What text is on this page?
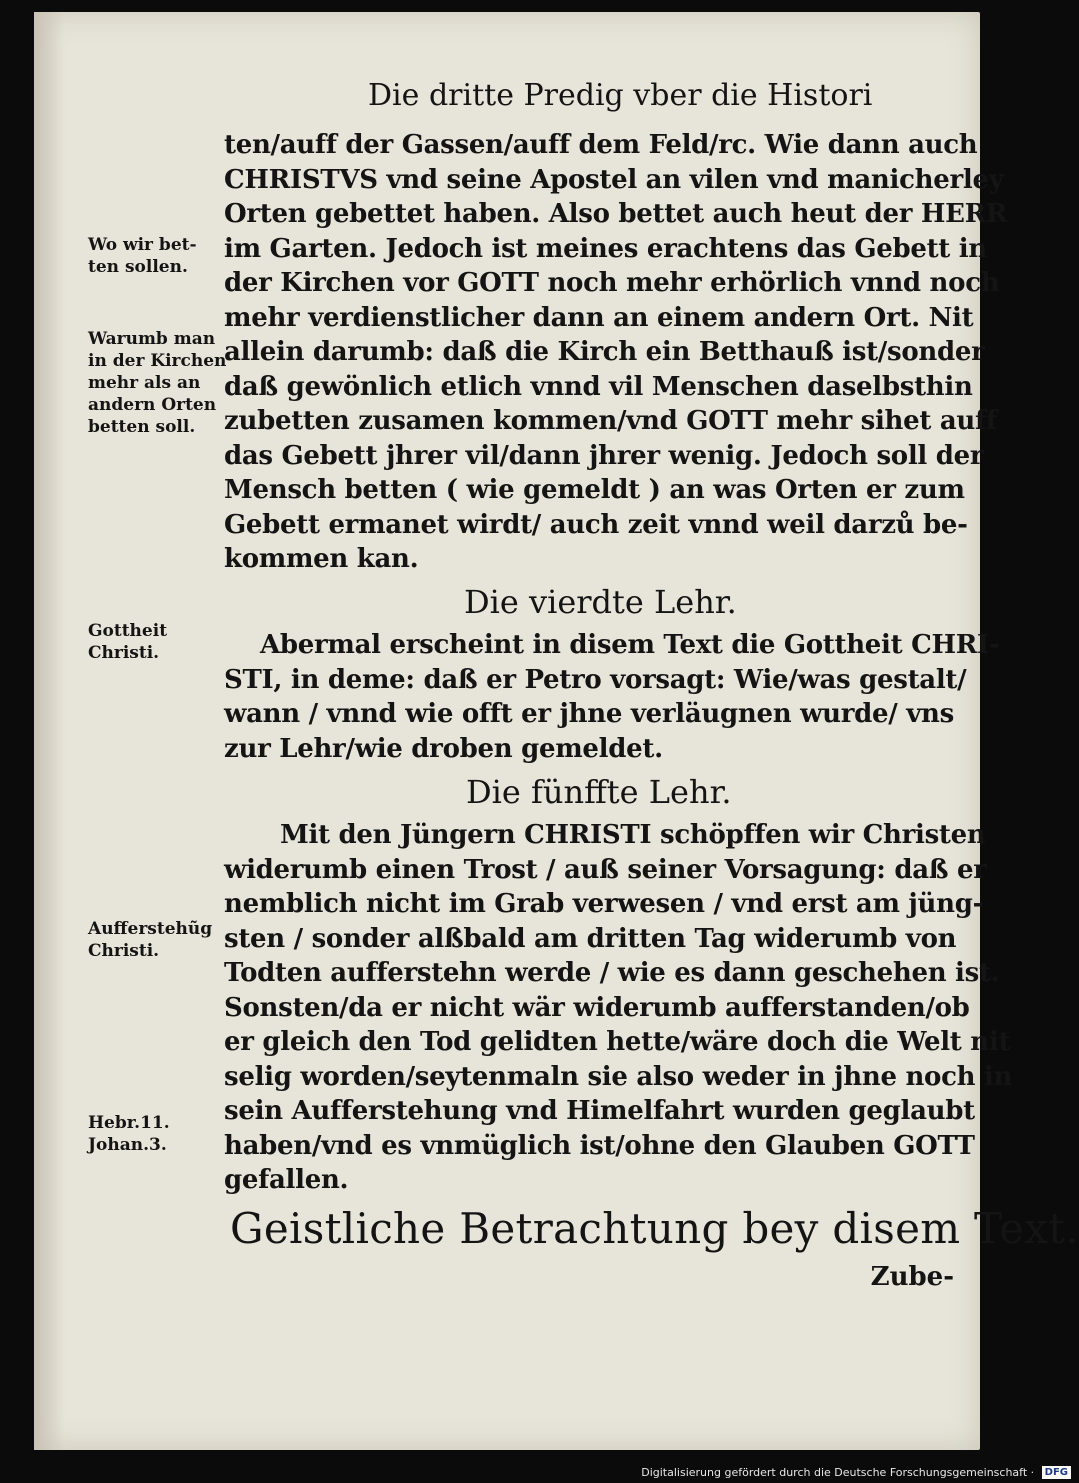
Die dritte Predig vber die Histori
ten/auff der Gassen/auff dem Feld/rc. Wie dann auch
CHRISTVS vnd seine Apostel an vilen vnd manicherley
Orten gebettet haben. Also bettet auch heut der HERR
im Garten. Jedoch ist meines erachtens das Gebett in
der Kirchen vor GOTT noch mehr erhörlich vnnd noch
mehr verdienstlicher dann an einem andern Ort. Nit
allein darumb: daß die Kirch ein Betthauß ist/sonder
daß gewönlich etlich vnnd vil Menschen daselbsthin
zubetten zusamen kommen/vnd GOTT mehr sihet auff
das Gebett jhrer vil/dann jhrer wenig. Jedoch soll der
Mensch betten ( wie gemeldt ) an was Orten er zum
Gebett ermanet wirdt/ auch zeit vnnd weil darzů be-
kommen kan.
Die vierdte Lehr.
Abermal erscheint in disem Text die Gottheit CHRI-
STI, in deme: daß er Petro vorsagt: Wie/was gestalt/
wann / vnnd wie offt er jhne verläugnen wurde/ vns
zur Lehr/wie droben gemeldet.
Die fünffte Lehr.
Mit den Jüngern CHRISTI schöpffen wir Christen
widerumb einen Trost / auß seiner Vorsagung: daß er
nemblich nicht im Grab verwesen / vnd erst am jüng-
sten / sonder alßbald am dritten Tag widerumb von
Todten aufferstehn werde / wie es dann geschehen ist.
Sonsten/da er nicht wär widerumb aufferstanden/ob
er gleich den Tod gelidten hette/wäre doch die Welt nit
selig worden/seytenmaln sie also weder in jhne noch in
sein Aufferstehung vnd Himelfahrt wurden geglaubt
haben/vnd es vnmüglich ist/ohne den Glauben GOTT
gefallen.
Geistliche Betrachtung bey disem Text.
Zube-
Wo wir bet-
ten sollen.
Warumb man
in der Kirchen
mehr als an
andern Orten
betten soll.
Gottheit
Christi.
Aufferstehũg
Christi.
Hebr.11.
Johan.3.
Digitalisierung gefördert durch die Deutsche Forschungsgemeinschaft · DFG
